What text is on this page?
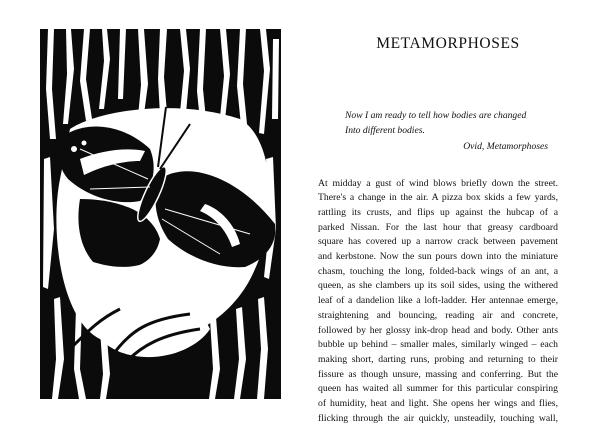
METAMORPHOSES
Now I am ready to tell how bodies are changed
Into different bodies.
Ovid, Metamorphoses
At midday a gust of wind blows briefly down the street.
There's a change in the air. A pizza box skids a few yards,
rattling its crusts, and flips up against the hubcap of a
parked Nissan. For the last hour that greasy cardboard
square has covered up a narrow crack between pavement
and kerbstone. Now the sun pours down into the miniature
chasm, touching the long, folded-back wings of an ant, a
queen, as she clambers up its soil sides, using the withered
leaf of a dandelion like a loft-ladder. Her antennae emerge,
straightening and bouncing, reading air and concrete,
followed by her glossy ink-drop head and body. Other ants
bubble up behind – smaller males, similarly winged – each
making short, darting runs, probing and returning to their
fissure as though unsure, massing and conferring. But the
queen has waited all summer for this particular conspiring
of humidity, heat and light. She opens her wings and flies,
flicking through the air quickly, unsteadily, touching wall,
